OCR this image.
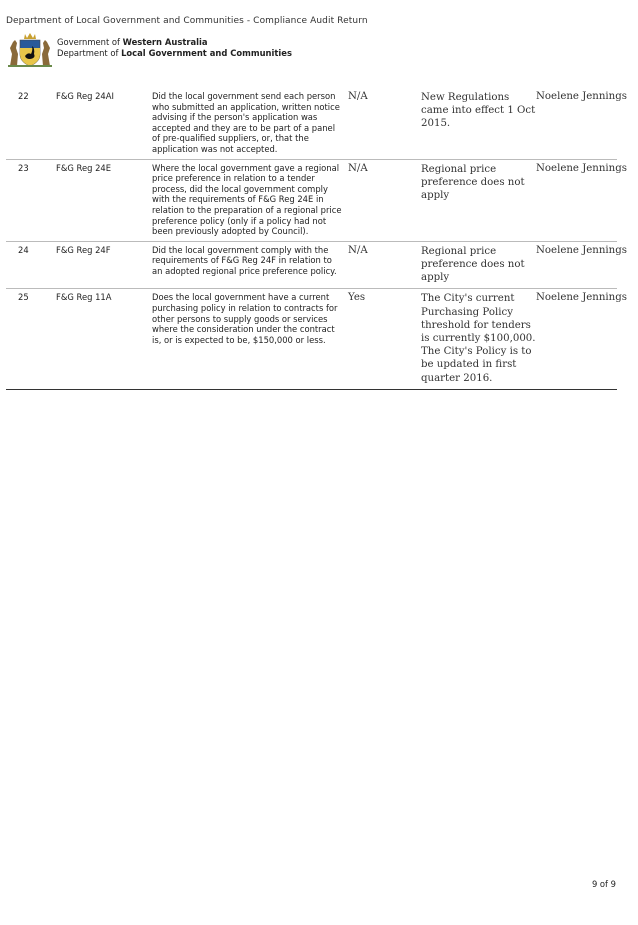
Department of Local Government and Communities - Compliance Audit Return
Government of Western Australia
Department of Local Government and Communities
22	F&G Reg 24AI	Did the local government send each person who submitted an application, written notice advising if the person's application was accepted and they are to be part of a panel of pre-qualified suppliers, or, that the application was not accepted.	N/A	New Regulations came into effect 1 Oct 2015.	Noelene Jennings
23	F&G Reg 24E	Where the local government gave a regional price preference in relation to a tender process, did the local government comply with the requirements of F&G Reg 24E in relation to the preparation of a regional price preference policy (only if a policy had not been previously adopted by Council).	N/A	Regional price preference does not apply	Noelene Jennings
24	F&G Reg 24F	Did the local government comply with the requirements of F&G Reg 24F in relation to an adopted regional price preference policy.	N/A	Regional price preference does not apply	Noelene Jennings
25	F&G Reg 11A	Does the local government have a current purchasing policy in relation to contracts for other persons to supply goods or services where the consideration under the contract is, or is expected to be, $150,000 or less.	Yes	The City's current Purchasing Policy threshold for tenders is currently $100,000. The City's Policy is to be updated in first quarter 2016.	Noelene Jennings
9 of 9
